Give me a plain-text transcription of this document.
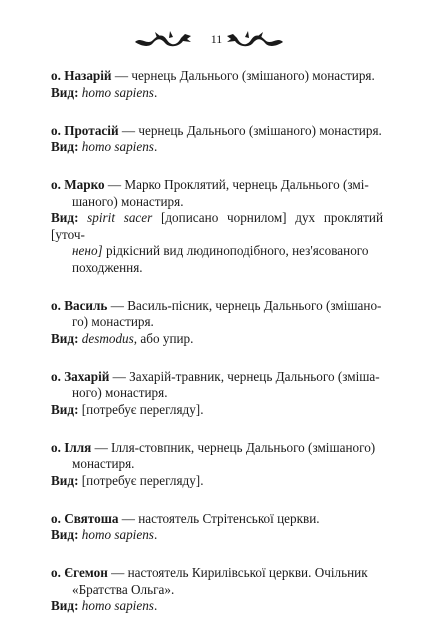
11

о. Назарій — чернець Дальнього (змішаного) монастиря.

Вид: homo sapiens.

о. Протасій — чернець Дальнього (змішаного) монастиря.

Вид: homo sapiens.

о. Марко — Марко Проклятий, чернець Дальнього (змі-

шаного) монастиря.

Вид: spirit sacer [дописано чорнилом] дух проклятий [уточ-

нено] рідкісний вид людиноподібного, нез'ясованого

походження.

о. Василь — Василь-пісник, чернець Дальнього (змішано-

го) монастиря.

Вид: desmodus, або упир.

о. Захарій — Захарій-травник, чернець Дальнього (зміша-

ного) монастиря.

Вид: [потребує перегляду].

о. Ілля — Ілля-стовпник, чернець Дальнього (змішаного)

монастиря.

Вид: [потребує перегляду].

о. Святоша — настоятель Стрітенської церкви.

Вид: homo sapiens.

о. Єгемон — настоятель Кирилівської церкви. Очільник

«Братства Ольга».

Вид: homo sapiens.
